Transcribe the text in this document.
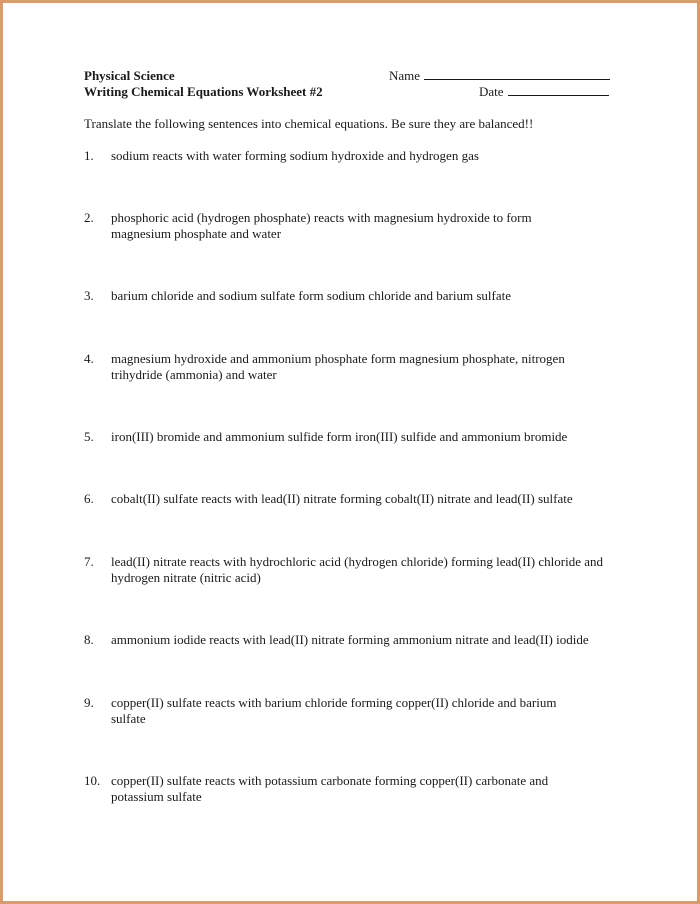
Physical Science
Writing Chemical Equations Worksheet #2
Name
Date
Translate the following sentences into chemical equations. Be sure they are balanced!!
1. sodium reacts with water forming sodium hydroxide and hydrogen gas
2. phosphoric acid (hydrogen phosphate) reacts with magnesium hydroxide to form magnesium phosphate and water
3. barium chloride and sodium sulfate form sodium chloride and barium sulfate
4. magnesium hydroxide and ammonium phosphate form magnesium phosphate, nitrogen trihydride (ammonia) and water
5. iron(III) bromide and ammonium sulfide form iron(III) sulfide and ammonium bromide
6. cobalt(II) sulfate reacts with lead(II) nitrate forming cobalt(II) nitrate and lead(II) sulfate
7. lead(II) nitrate reacts with hydrochloric acid (hydrogen chloride) forming lead(II) chloride and hydrogen nitrate (nitric acid)
8. ammonium iodide reacts with lead(II) nitrate forming ammonium nitrate and lead(II) iodide
9. copper(II) sulfate reacts with barium chloride forming copper(II) chloride and barium sulfate
10. copper(II) sulfate reacts with potassium carbonate forming copper(II) carbonate and potassium sulfate
